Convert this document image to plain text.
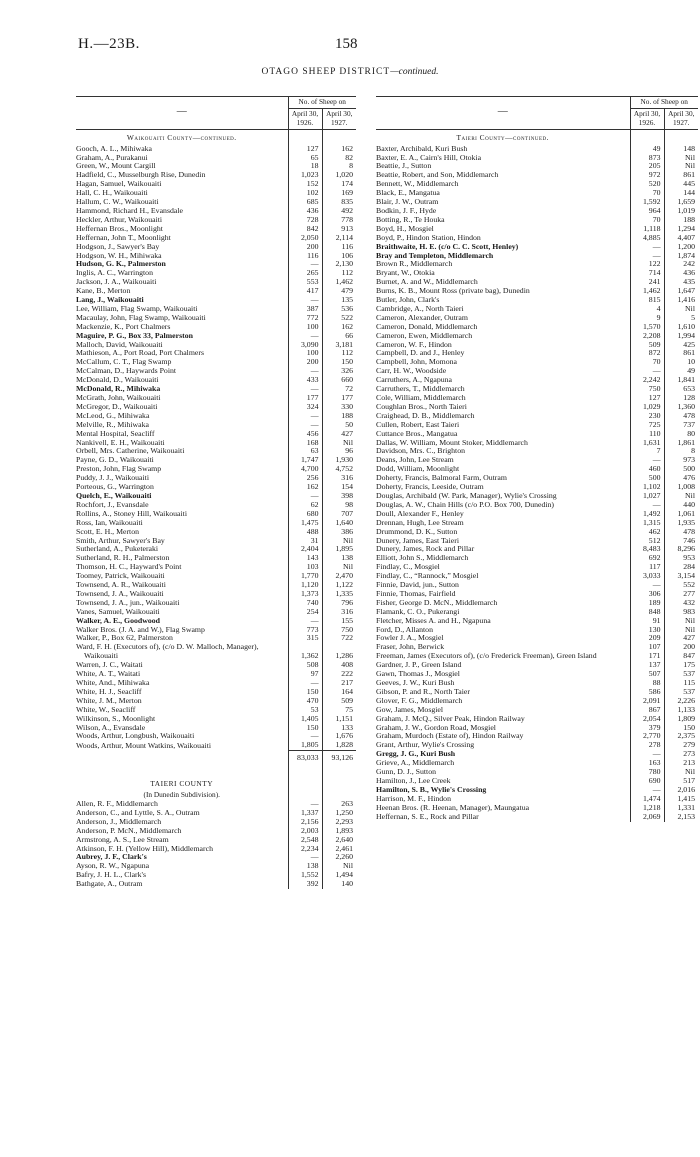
H.—23B.	158
OTAGO SHEEP DISTRICT—continued.
—	No. of Sheep on	
	April 30, 1926.	April 30, 1927.
Waikouaiti County—continued.		
Gooch, A. L., Mihiwaka	127	162
Graham, A., Purakanui	65	82
Green, W., Mount Cargill	18	8
Hadfield, C., Musselburgh Rise, Dunedin	1,023	1,020
Hagan, Samuel, Waikouaiti	152	174
Hall, C. H., Waikouaiti	102	169
Hallum, C. W., Waikouaiti	685	835
Hammond, Richard H., Evansdale	436	492
Heckler, Arthur, Waikouaiti	728	778
Heffernan Bros., Moonlight	842	913
Heffernan, John T., Moonlight	2,050	2,114
Hodgson, J., Sawyer's Bay	200	116
Hodgson, W. H., Mihiwaka	116	106
Hudson, G. K., Palmerston	—	2,130
Inglis, A. C., Warrington	265	112
Jackson, J. A., Waikouaiti	553	1,462
Kane, B., Merton	417	479
Lang, J., Waikouaiti	—	135
Lee, William, Flag Swamp, Waikouaiti	387	536
Macaulay, John, Flag Swamp, Waikouaiti	772	522
Mackenzie, K., Port Chalmers	100	162
Maguire, P. G., Box 33, Palmerston	—	66
Malloch, David, Waikouaiti	3,090	3,181
Mathieson, A., Port Road, Port Chalmers	100	112
McCallum, C. T., Flag Swamp	200	150
McCalman, D., Haywards Point	—	326
McDonald, D., Waikouaiti	433	660
McDonald, R., Mihiwaka	—	72
McGrath, John, Waikouaiti	177	177
McGregor, D., Waikouaiti	324	330
McLeod, G., Mihiwaka	—	188
Melville, R., Mihiwaka	—	50
Mental Hospital, Seacliff	456	427
Nankivell, E. H., Waikouaiti	168	Nil
Orbell, Mrs. Catherine, Waikouaiti	63	96
Payne, G. D., Waikouaiti	1,747	1,930
Preston, John, Flag Swamp	4,700	4,752
Puddy, J. J., Waikouaiti	256	316
Porteous, G., Warrington	162	154
Quelch, E., Waikouaiti	—	398
Rochfort, J., Evansdale	62	98
Rollins, A., Stoney Hill, Waikouaiti	680	707
Ross, Ian, Waikouaiti	1,475	1,640
Scott, E. H., Merton	488	386
Smith, Arthur, Sawyer's Bay	31	Nil
Sutherland, A., Puketeraki	2,404	1,895
Sutherland, R. H., Palmerston	143	138
Thomson, H. C., Hayward's Point	103	Nil
Toomey, Patrick, Waikouaiti	1,770	2,470
Townsend, A. R., Waikouaiti	1,120	1,122
Townsend, J. A., Waikouaiti	1,373	1,335
Townsend, J. A., jun., Waikouaiti	740	796
Vanes, Samuel, Waikouaiti	254	316
Walker, A. E., Goodwood	—	155
Walker Bros. (J. A. and W.), Flag Swamp	773	750
Walker, P., Box 62, Palmerston	315	722
Ward, F. H. (Executors of), (c/o D. W. Malloch, Manager), Waikouaiti	1,362	1,286
Warren, J. C., Waitati	508	408
White, A. T., Waitati	97	222
White, And., Mihiwaka	—	217
White, H. J., Seacliff	150	164
White, J. M., Merton	470	509
White, W., Seacliff	53	75
Wilkinson, S., Moonlight	1,405	1,151
Wilson, A., Evansdale	150	133
Woods, Arthur, Longbush, Waikouaiti	—	1,676
Woods, Arthur, Mount Watkins, Waikouaiti	1,805	1,828
	83,033	93,126

TAIERI COUNTY		
(In Dunedin Subdivision).		
Allen, R. F., Middlemarch	—	263
Anderson, C., and Lyttle, S. A., Outram	1,337	1,250
Anderson, J., Middlemarch	2,156	2,293
Anderson, P. McN., Middlemarch	2,003	1,893
Armstrong, A. S., Lee Stream	2,548	2,640
Atkinson, F. H. (Yellow Hill), Middlemarch	2,234	2,461
Aubrey, J. F., Clark's	—	2,260
Ayson, R. W., Ngapuna	138	Nil
Bafry, J. H. L., Clark's	1,552	1,494
Bathgate, A., Outram	392	140
—	No. of Sheep on	
	April 30, 1926.	April 30, 1927.
Taieri County—continued.		
Baxter, Archibald, Kuri Bush	49	148
Baxter, E. A., Cairn's Hill, Otokia	873	Nil
Beattie, J., Sutton	205	Nil
Beattie, Robert, and Son, Middlemarch	972	861
Bennett, W., Middlemarch	520	445
Black, E., Mangatua	70	144
Blair, J. W., Outram	1,592	1,659
Bodkin, J. F., Hyde	964	1,019
Botting, R., Te Houka	70	188
Boyd, H., Mosgiel	1,118	1,294
Boyd, P., Hindon Station, Hindon	4,885	4,407
Braithwaite, H. E. (c/o C. C. Scott, Henley)	—	1,200
Bray and Templeton, Middlemarch	—	1,874
Brown R., Middlemarch	122	242
Bryant, W., Otokia	714	436
Burnet, A. and W., Middlemarch	241	435
Burns, K. B., Mount Ross (private bag), Dunedin	1,462	1,647
Butler, John, Clark's	815	1,416
Cambridge, A., North Taieri	4	Nil
Cameron, Alexander, Outram	9	5
Cameron, Donald, Middlemarch	1,570	1,610
Cameron, Ewen, Middlemarch	2,208	1,994
Cameron, W. F., Hindon	509	425
Campbell, D. and J., Henley	872	861
Campbell, John, Momona	70	10
Carr, H. W., Woodside	—	49
Carruthers, A., Ngapuna	2,242	1,841
Carruthers, T., Middlemarch	750	653
Cole, William, Middlemarch	127	128
Coughlan Bros., North Taieri	1,029	1,360
Craighead, D. B., Middlemarch	230	478
Cullen, Robert, East Taieri	725	737
Cuttance Bros., Mangatua	110	80
Dallas, W. William, Mount Stoker, Middlemarch	1,631	1,861
Davidson, Mrs. C., Brighton	7	8
Deans, John, Lee Stream	—	973
Dodd, William, Moonlight	460	500
Doherty, Francis, Balmoral Farm, Outram	500	476
Doherty, Francis, Leeside, Outram	1,102	1,008
Douglas, Archibald (W. Park, Manager), Wylie's Crossing	1,027	Nil
Douglas, A. W., Chain Hills (c/o P.O. Box 700, Dunedin)	—	440
Doull, Alexander F., Henley	1,492	1,061
Drennan, Hugh, Lee Stream	1,315	1,935
Drummond, D. K., Sutton	462	478
Dunery, James, East Taieri	512	746
Dunery, James, Rock and Pillar	8,483	8,296
Elliott, John S., Middlemarch	692	953
Findlay, C., Mosgiel	117	284
Findlay, C., “Rannock,” Mosgiel	3,033	3,154
Finnie, David, jun., Sutton	—	552
Finnie, Thomas, Fairfield	306	277
Fisher, George D. McN., Middlemarch	189	432
Flamank, C. O., Pukerangi	848	983
Fletcher, Misses A. and H., Ngapuna	91	Nil
Ford, D., Allanton	130	Nil
Fowler J. A., Mosgiel	209	427
Fraser, John, Berwick	107	200
Freeman, James (Executors of), (c/o Frederick Freeman), Green Island	171	847
Gardner, J. P., Green Island	137	175
Gawn, Thomas J., Mosgiel	507	537
Geeves, J. W., Kuri Bush	88	115
Gibson, P. and R., North Taier	586	537
Glover, F. G., Middlemarch	2,091	2,226
Gow, James, Mosgiel	867	1,133
Graham, J. McQ., Silver Peak, Hindon Railway	2,054	1,809
Graham, J. W., Gordon Road, Mosgiel	379	150
Graham, Murdoch (Estate of), Hindon Railway	2,770	2,375
Grant, Arthur, Wylie's Crossing	278	279
Gregg, J. G., Kuri Bush	—	273
Grieve, A., Middlemarch	163	213
Gunn, D. J., Sutton	780	Nil
Hamilton, J., Lee Creek	690	517
Hamilton, S. B., Wylie's Crossing	—	2,016
Harrison, M. F., Hindon	1,474	1,415
Heenan Bros. (R. Heenan, Manager), Maungatua	1,218	1,331
Heffernan, S. E., Rock and Pillar	2,069	2,153
